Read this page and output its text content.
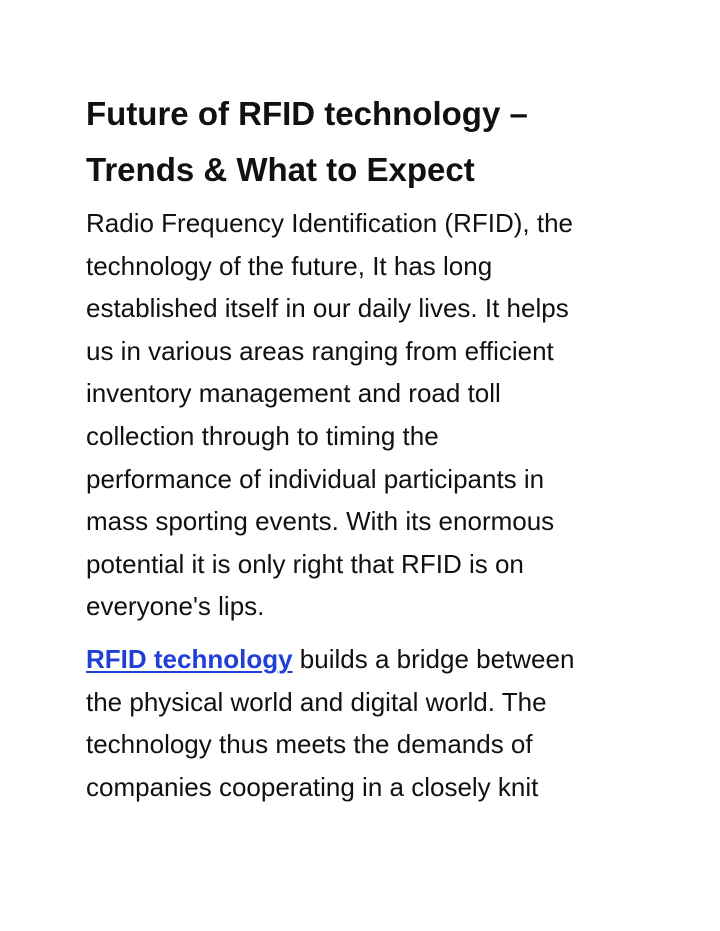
Future of RFID technology –
Trends & What to Expect

Radio Frequency Identification (RFID), the
technology of the future, It has long
established itself in our daily lives. It helps
us in various areas ranging from efficient
inventory management and road toll
collection through to timing the
performance of individual participants in
mass sporting events. With its enormous
potential it is only right that RFID is on
everyone's lips.

RFID technology builds a bridge between
the physical world and digital world. The
technology thus meets the demands of
companies cooperating in a closely knit
